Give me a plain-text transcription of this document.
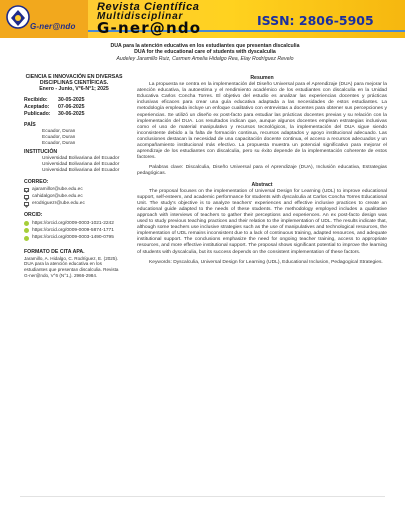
G-ner@ndo
Revista Científica
Multidisciplinar
G-ner@ndo	ISSN: 2806-5905
DUA para la atención educativa en los estudiantes que presentan discalculia
DUA for the educational care of students with dyscalculia
Audeley Jaramillo Ruiz, Carmen Amelia Hidalgo Rea, Elay Rodríguez Revelo
CIENCIA E INNOVACIÓN EN DIVERSAS DISCIPLINAS CIENTÍFICAS.
Enero - Junio, V°6-N°1; 2025
Recibido:	30-05-2025
Aceptado:	07-06-2025
Publicado:	30-06-2025
PAÍS
Ecuador, Duran
Ecuador, Duran
Ecuador, Duran
INSTITUCIÓN
Universidad Bolivariana del Ecuador
Universidad Bolivariana del Ecuador
Universidad Bolivariana del Ecuador
CORREO:
ajaramillor@ube.edu.ec
cahidalgor@ube.edu.ec
erodriguezr@ube.edu.ec
ORCID:
https://orcid.org/0009-0003-1021-2242
https://orcid.org/0009-0009-5874-1771
https://orcid.org/0009-0003-1490-0795
FORMATO DE CITA APA.
Jaramillo, A. Hidalgo, C. Rodríguez, E. (2025). DUA para la atención educativa en los estudiantes que presentan discalculia. Revista G-ner@ndo, V°6 (N°1,). 2966-2984.
Resumen

La propuesta se centra en la implementación del Diseño Universal para el Aprendizaje (DUA) para mejorar la atención educativa, la autoestima y el rendimiento académico de los estudiantes con discalculia en la Unidad Educativa Carlos Concha Torres. El objetivo del estudio es analizar las experiencias docentes y prácticas inclusivas eficaces para crear una guía educativa adaptada a las necesidades de estos estudiantes. La metodología empleada incluye un enfoque cualitativo con entrevistas a docentes para obtener sus percepciones y experiencias. Se utilizó un diseño ex post-facto para estudiar las prácticas docentes previas y su relación con la implementación del DUA. Los resultados indican que, aunque algunos docentes emplean estrategias inclusivas como el uso de material manipulativo y recursos tecnológicos, la implementación del DUA sigue siendo inconsistente debido a la falta de formación continua, recursos adaptados y apoyo institucional adecuado. Las conclusiones destacan la necesidad de una capacitación docente continua, el acceso a recursos adecuados y un acompañamiento institucional más efectivo. La propuesta muestra un potencial significativo para mejorar el aprendizaje de los estudiantes con discalculia, pero su éxito depende de la implementación coherente de estos factores.

Palabras clave: Discalculia, Diseño Universal para el Aprendizaje (DUA), Inclusión educativa, Estrategias pedagógicas.

Abstract

The proposal focuses on the implementation of Universal Design for Learning (UDL) to improve educational support, self-esteem, and academic performance for students with dyscalculia at Carlos Concha Torres Educational Unit. The study's objective is to analyze teachers' experiences and effective inclusive practices to create an educational guide adapted to the needs of these students. The methodology employed includes a qualitative approach with interviews of teachers to gather their perceptions and experiences. An ex post-facto design was used to study previous teaching practices and their relation to the implementation of UDL. The results indicate that, although some teachers use inclusive strategies such as the use of manipulatives and technological resources, the implementation of UDL remains inconsistent due to a lack of continuous training, adapted resources, and adequate institutional support. The conclusions emphasize the need for ongoing teacher training, access to appropriate resources, and more effective institutional support. The proposal shows significant potential to improve the learning of students with dyscalculia, but its success depends on the consistent implementation of these factors.

Keywords: Dyscalculia, Universal Design for Learning (UDL), Educational Inclusion, Pedagogical Strategies.
